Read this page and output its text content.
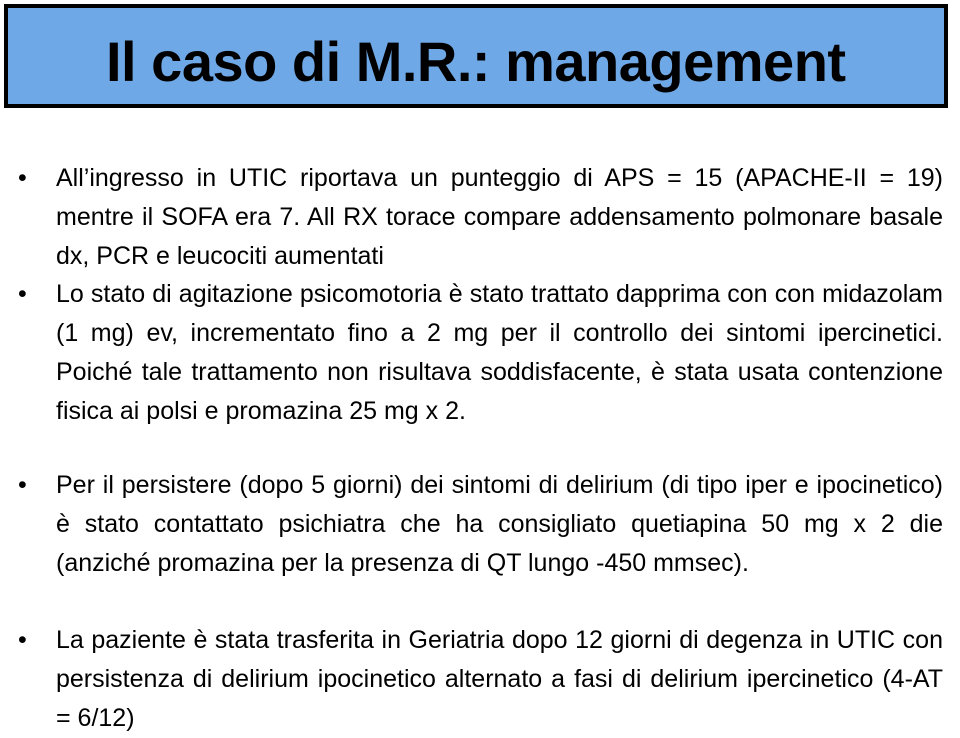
Il caso di M.R.: management
•	All’ingresso in UTIC riportava un punteggio di APS = 15 (APACHE-II = 19) mentre il SOFA era 7. All RX torace compare addensamento polmonare basale dx, PCR e leucociti aumentati
•	Lo stato di agitazione psicomotoria è stato trattato dapprima con con midazolam (1 mg) ev, incrementato fino a 2 mg per il controllo dei sintomi ipercinetici. Poiché tale trattamento non risultava soddisfacente, è stata usata contenzione fisica ai polsi e promazina 25 mg x 2.
•	Per il persistere (dopo 5 giorni) dei sintomi di delirium (di tipo iper e ipocinetico) è stato contattato psichiatra che ha consigliato quetiapina 50 mg x 2 die (anziché promazina per la presenza di QT lungo -450 mmsec).
•	La paziente è stata trasferita in Geriatria dopo 12 giorni di degenza in UTIC con persistenza di delirium ipocinetico alternato a fasi di delirium ipercinetico (4-AT = 6/12)
